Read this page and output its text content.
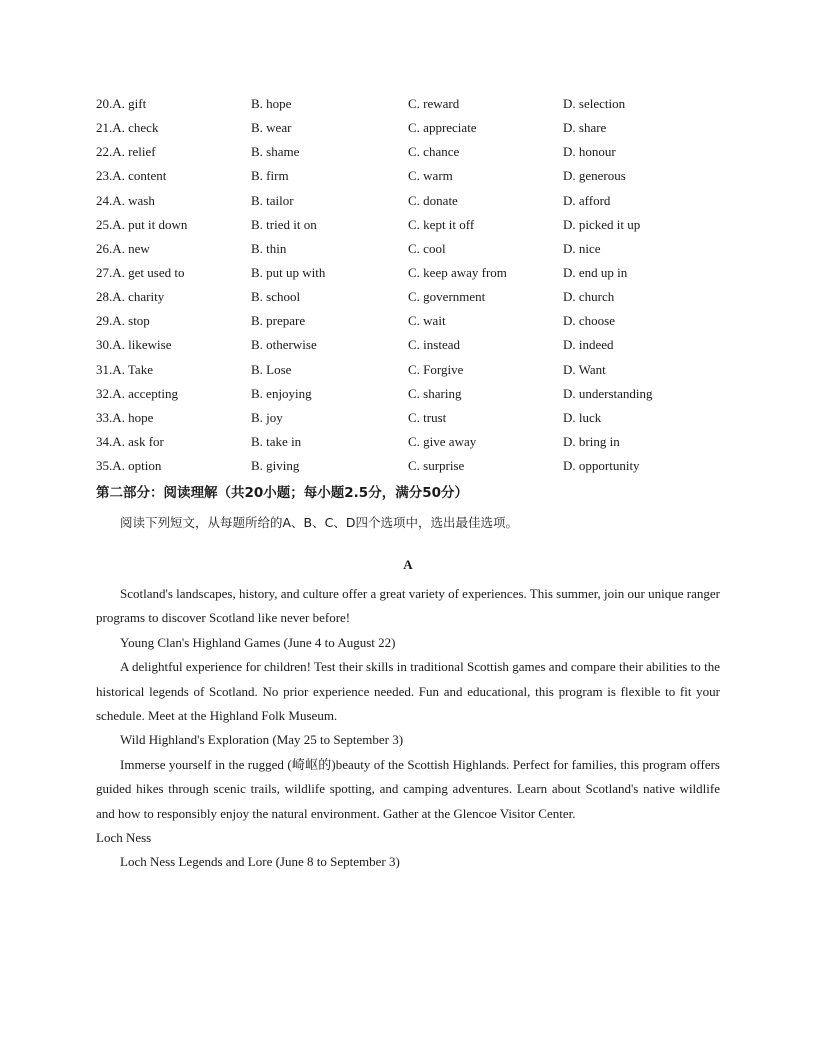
20.A. gift	B. hope	C. reward	D. selection
21.A. check	B. wear	C. appreciate	D. share
22.A. relief	B. shame	C. chance	D. honour
23.A. content	B. firm	C. warm	D. generous
24.A. wash	B. tailor	C. donate	D. afford
25.A. put it down	B. tried it on	C. kept it off	D. picked it up
26.A. new	B. thin	C. cool	D. nice
27.A. get used to	B. put up with	C. keep away from	D. end up in
28.A. charity	B. school	C. government	D. church
29.A. stop	B. prepare	C. wait	D. choose
30.A. likewise	B. otherwise	C. instead	D. indeed
31.A. Take	B. Lose	C. Forgive	D. Want
32.A. accepting	B. enjoying	C. sharing	D. understanding
33.A. hope	B. joy	C. trust	D. luck
34.A. ask for	B. take in	C. give away	D. bring in
35.A. option	B. giving	C. surprise	D. opportunity
第二部分：阅读理解（共20小题；每小题2.5分，满分50分）
阅读下列短文，从每题所给的A、B、C、D四个选项中，选出最佳选项。
A

Scotland's landscapes, history, and culture offer a great variety of experiences. This summer, join our unique ranger programs to discover Scotland like never before!

Young Clan's Highland Games (June 4 to August 22)

A delightful experience for children! Test their skills in traditional Scottish games and compare their abilities to the historical legends of Scotland. No prior experience needed. Fun and educational, this program is flexible to fit your schedule. Meet at the Highland Folk Museum.

Wild Highland's Exploration (May 25 to September 3)

Immerse yourself in the rugged (崎岖的)beauty of the Scottish Highlands. Perfect for families, this program offers guided hikes through scenic trails, wildlife spotting, and camping adventures. Learn about Scotland's native wildlife and how to responsibly enjoy the natural environment. Gather at the Glencoe Visitor Center.

Loch Ness

Loch Ness Legends and Lore (June 8 to September 3)
